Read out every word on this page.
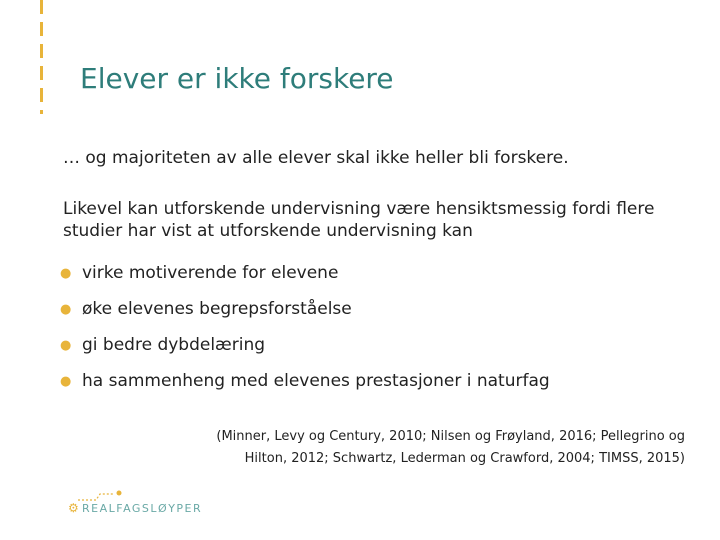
Elever er ikke forskere
… og majoriteten av alle elever skal ikke heller bli forskere.
Likevel kan utforskende undervisning være hensiktsmessig fordi flere studier har vist at utforskende undervisning kan
● virke motiverende for elevene
● øke elevenes begrepsforståelse
● gi bedre dybdelæring
● ha sammenheng med elevenes prestasjoner i naturfag
(Minner, Levy og Century, 2010; Nilsen og Frøyland, 2016; Pellegrino og
Hilton, 2012; Schwartz, Lederman og Crawford, 2004; TIMSS, 2015)
⚙ REALFAGSLØYPER
